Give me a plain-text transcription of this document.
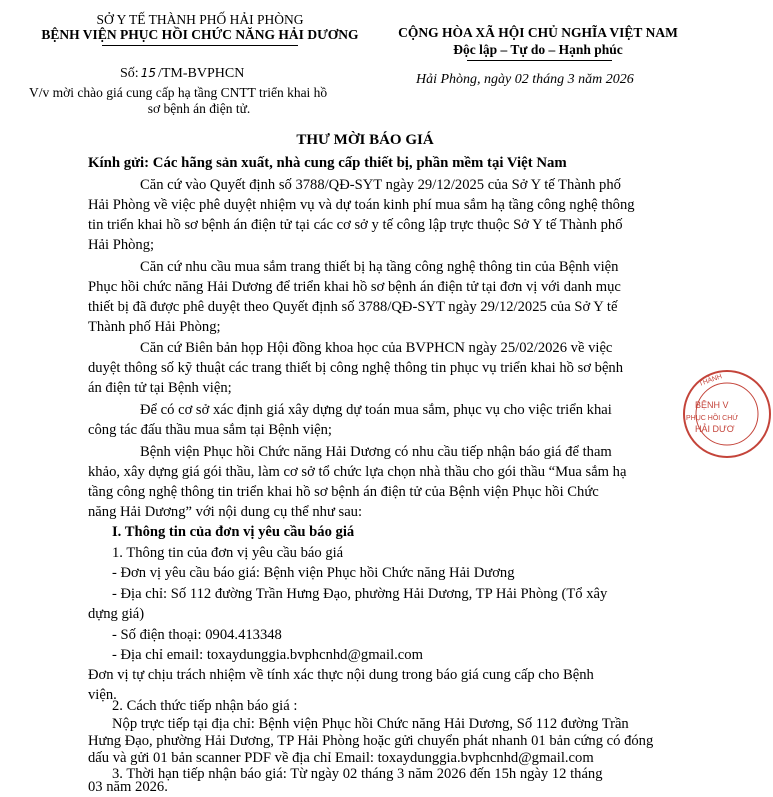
SỞ Y TẾ THÀNH PHỐ HẢI PHÒNG
BỆNH VIỆN PHỤC HỒI CHỨC NĂNG HẢI DƯƠNG
Số: 15 /TM-BVPHCN
V/v mời chào giá cung cấp hạ tầng CNTT triển khai hồ
sơ bệnh án điện tử.
CỘNG HÒA XÃ HỘI CHỦ NGHĨA VIỆT NAM
Độc lập – Tự do – Hạnh phúc
Hải Phòng, ngày 02 tháng 3 năm 2026
THƯ MỜI BÁO GIÁ
Kính gửi: Các hãng sản xuất, nhà cung cấp thiết bị, phần mềm tại Việt Nam
Căn cứ vào Quyết định số 3788/QĐ-SYT ngày 29/12/2025 của Sở Y tế Thành phố
Hải Phòng về việc phê duyệt nhiệm vụ và dự toán kinh phí mua sắm hạ tầng công nghệ thông
tin triển khai hồ sơ bệnh án điện tử tại các cơ sở y tế công lập trực thuộc Sở Y tế Thành phố
Hải Phòng;
Căn cứ nhu cầu mua sắm trang thiết bị hạ tầng công nghệ thông tin của Bệnh viện
Phục hồi chức năng Hải Dương để triển khai hồ sơ bệnh án điện tử tại đơn vị với danh mục
thiết bị đã được phê duyệt theo Quyết định số 3788/QĐ-SYT ngày 29/12/2025 của Sở Y tế
Thành phố Hải Phòng;
Căn cứ Biên bản họp Hội đồng khoa học của BVPHCN ngày 25/02/2026 về việc
duyệt thông số kỹ thuật các trang thiết bị công nghệ thông tin phục vụ triển khai hồ sơ bệnh
án điện tử tại Bệnh viện;
Để có cơ sở xác định giá xây dựng dự toán mua sắm, phục vụ cho việc triển khai
công tác đấu thầu mua sắm tại Bệnh viện;
Bệnh viện Phục hồi Chức năng Hải Dương có nhu cầu tiếp nhận báo giá để tham
khảo, xây dựng giá gói thầu, làm cơ sở tổ chức lựa chọn nhà thầu cho gói thầu “Mua sắm hạ
tầng công nghệ thông tin triển khai hồ sơ bệnh án điện tử của Bệnh viện Phục hồi Chức
năng Hải Dương” với nội dung cụ thể như sau:
I. Thông tin của đơn vị yêu cầu báo giá
1. Thông tin của đơn vị yêu cầu báo giá
- Đơn vị yêu cầu báo giá: Bệnh viện Phục hồi Chức năng Hải Dương
- Địa chỉ: Số 112 đường Trần Hưng Đạo, phường Hải Dương, TP Hải Phòng (Tổ xây
dựng giá)
- Số điện thoại: 0904.413348
- Địa chỉ email: toxaydunggia.bvphcnhd@gmail.com
Đơn vị tự chịu trách nhiệm về tính xác thực nội dung trong báo giá cung cấp cho Bệnh
viện.
2. Cách thức tiếp nhận báo giá :
Nộp trực tiếp tại địa chỉ: Bệnh viện Phục hồi Chức năng Hải Dương, Số 112 đường Trần
Hưng Đạo, phường Hải Dương, TP Hải Phòng hoặc gửi chuyển phát nhanh 01 bản cứng có đóng
dấu và gửi 01 bản scanner PDF về địa chỉ Email: toxaydunggia.bvphcnhd@gmail.com
3. Thời hạn tiếp nhận báo giá: Từ ngày 02 tháng 3 năm 2026 đến 15h ngày 12 tháng
03 năm 2026.
THÀNH
BỆNH V
PHỤC HỒI CHỨ
HẢI DƯƠ
